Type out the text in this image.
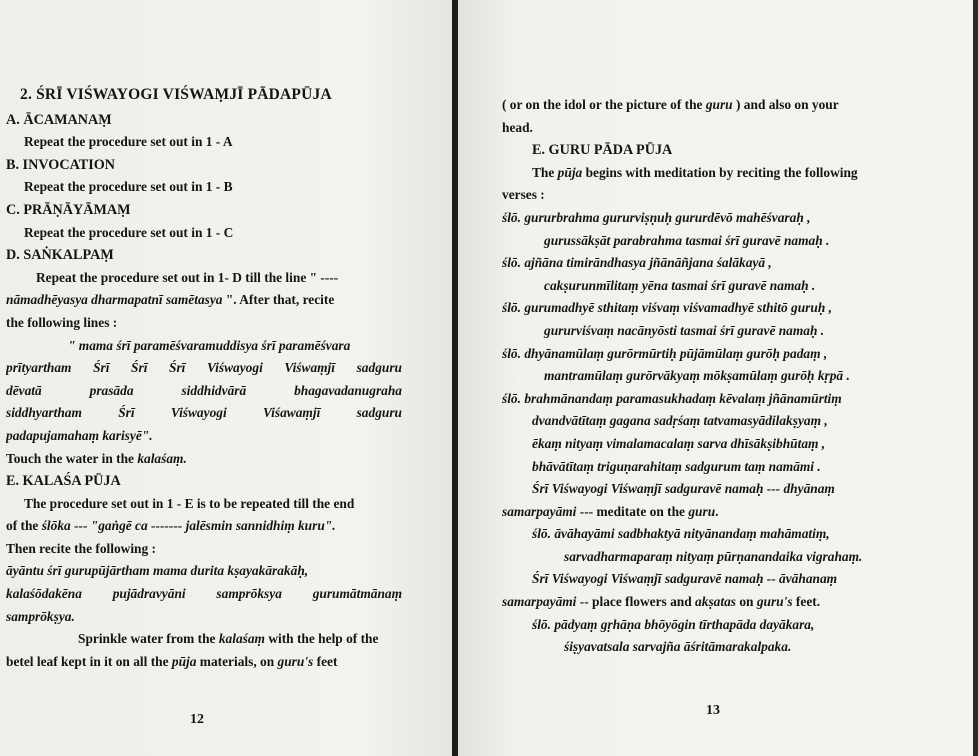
2. ŚRĪ VIŚWAYOGI VIŚWAṂJĪ PĀDAPŪJA
A. ĀCAMANAṂ
Repeat the procedure set out in 1 - A
B. INVOCATION
Repeat the procedure set out in 1 - B
C. PRĀṆĀYĀMAṂ
Repeat the procedure set out in 1 - C
D. SAṄKALPAṂ
Repeat the procedure set out in 1- D till the line " ----
nāmadhēyasya dharmapatnī samētasya ". After that, recite
the following lines :
" mama śrī paramēśvaramuddisya śrī paramēśvara
prītyartham Śrī Śrī Śrī Viśwayogi Viśwaṃjī sadguru
dēvatā prasāda siddhidvārā bhagavadanugraha
siddhyartham Śrī Viśwayogi Viśawaṃjī sadguru
padapujamahaṃ karisyē".
Touch the water in the kalaśaṃ.
E. KALAŚA PŪJA
The procedure set out in 1 - E is to be repeated till the end
of the ślōka --- "gaṅgē ca ------- jalēsmin sannidhiṃ kuru".
Then recite the following :
āyāntu śrī gurupūjārtham mama durita kṣayakārakāḥ,
kalaśōdakēna pujādravyāni samprōksya gurumātmānaṃ
samprōkṣya.
Sprinkle water from the kalaśaṃ with the help of the
betel leaf kept in it on all the pūja materials, on guru's feet
12
( or on the idol or the picture of the guru ) and also on your
head.
E. GURU PĀDA PŪJA
The pūja begins with meditation by reciting the following
verses :
ślō. gururbrahma gururviṣṇuḥ gururdēvō mahēśvaraḥ ,
gurussākṣāt parabrahma tasmai śrī guravē namaḥ .
ślō. ajñāna timirāndhasya jñānāñjana śalākayā ,
cakṣurunmīlitaṃ yēna tasmai śrī guravē namaḥ .
ślō. gurumadhyē sthitaṃ viśvaṃ viśvamadhyē sthitō guruḥ ,
gururviśvaṃ nacānyōsti tasmai śrī guravē namaḥ .
ślō. dhyānamūlaṃ gurōrmūrtiḥ pūjāmūlaṃ gurōḥ padaṃ ,
mantramūlaṃ gurōrvākyaṃ mōkṣamūlaṃ gurōḥ kṛpā .
ślō. brahmānandaṃ paramasukhadaṃ kēvalaṃ jñānamūrtiṃ
dvandvātītaṃ gagana sadṛśaṃ tatvamasyādilakṣyaṃ ,
ēkaṃ nityaṃ vimalamacalaṃ sarva dhīsākṣibhūtaṃ ,
bhāvātītaṃ triguṇarahitaṃ sadgurum taṃ namāmi .
Śrī Viśwayogi Viśwaṃjī sadguravē namaḥ --- dhyānaṃ
samarpayāmi --- meditate on the guru.
ślō. āvāhayāmi sadbhaktyā nityānandaṃ mahāmatiṃ,
sarvadharmaparaṃ nityaṃ pūrṇanandaika vigrahaṃ.
Śrī Viśwayogi Viśwaṃjī sadguravē namaḥ -- āvāhanaṃ
samarpayāmi -- place flowers and akṣatas on guru's feet.
ślō. pādyaṃ gṛhāṇa bhōyōgin tīrthapāda dayākara,
śiṣyavatsala sarvajña āśritāmarakalpaka.
13
